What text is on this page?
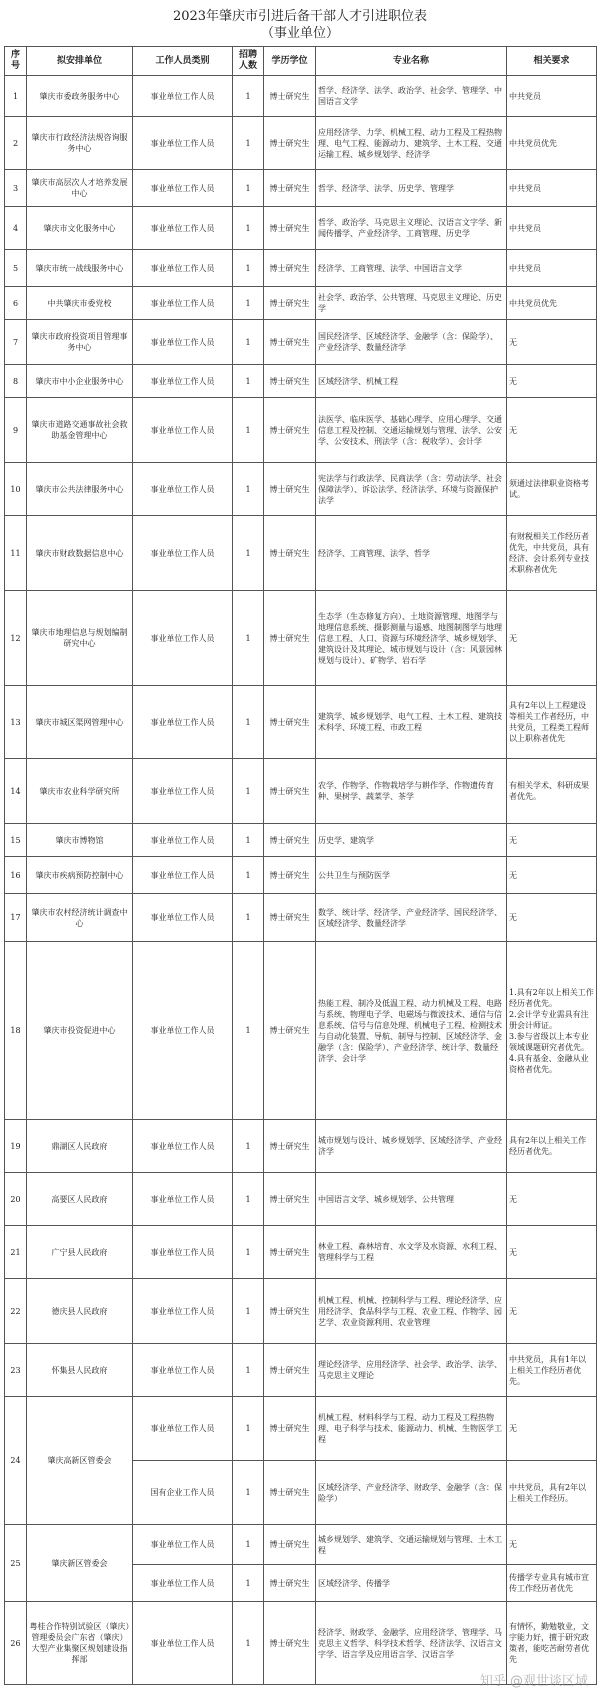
2023年肇庆市引进后备干部人才引进职位表
（事业单位）
序号	拟安排单位	工作人员类别	招聘人数	学历学位	专业名称	相关要求
1	肇庆市委政务服务中心	事业单位工作人员	1	博士研究生	哲学、经济学、法学、政治学、社会学、管理学、中国语言文学	中共党员
2	肇庆市行政经济法规咨询服务中心	事业单位工作人员	1	博士研究生	应用经济学、力学、机械工程、动力工程及工程热物理、电气工程、能源动力、建筑学、土木工程、交通运输工程、城乡规划学、经济学	中共党员优先
3	肇庆市高层次人才培养发展中心	事业单位工作人员	1	博士研究生	哲学、经济学、法学、历史学、管理学	中共党员
4	肇庆市文化服务中心	事业单位工作人员	1	博士研究生	哲学、政治学、马克思主义理论、汉语言文字学、新闻传播学、产业经济学、工商管理、历史学	中共党员
5	肇庆市统一战线服务中心	事业单位工作人员	1	博士研究生	经济学、工商管理、法学、中国语言文学	中共党员
6	中共肇庆市委党校	事业单位工作人员	1	博士研究生	社会学、政治学、公共管理、马克思主义理论、历史学	中共党员优先
7	肇庆市政府投资项目管理事务中心	事业单位工作人员	1	博士研究生	国民经济学、区域经济学、金融学（含：保险学）、产业经济学、数量经济学	无
8	肇庆市中小企业服务中心	事业单位工作人员	1	博士研究生	区域经济学、机械工程	无
9	肇庆市道路交通事故社会救助基金管理中心	事业单位工作人员	1	博士研究生	法医学、临床医学、基础心理学、应用心理学、交通信息工程及控制、交通运输规划与管理、法学、公安学、公安技术、刑法学（含：税收学）、会计学	无
10	肇庆市公共法律服务中心	事业单位工作人员	1	博士研究生	宪法学与行政法学、民商法学（含：劳动法学、社会保障法学）、诉讼法学、经济法学、环境与资源保护法学	须通过法律职业资格考试。
11	肇庆市财政数据信息中心	事业单位工作人员	1	博士研究生	经济学、工商管理、法学、哲学	有财税相关工作经历者优先，中共党员，具有经济、会计系列专业技术职称者优先
12	肇庆市地理信息与规划编制研究中心	事业单位工作人员	1	博士研究生	生态学（生态修复方向）、土地资源管理、地图学与地理信息系统、摄影测量与遥感、地图制图学与地理信息工程、人口、资源与环境经济学、城乡规划学、建筑设计及其理论、城市规划与设计（含：风景园林规划与设计）、矿物学、岩石学	无
13	肇庆市城区渠网管理中心	事业单位工作人员	1	博士研究生	建筑学、城乡规划学、电气工程、土木工程、建筑技术科学、环境工程、市政工程	具有2年以上工程建设等相关工作者经历，中共党员，工程类工程师以上职称者优先
14	肇庆市农业科学研究所	事业单位工作人员	1	博士研究生	农学、作物学、作物栽培学与耕作学、作物遗传育种、果树学、蔬菜学、茶学	有相关学术、科研成果者优先。
15	肇庆市博物馆	事业单位工作人员	1	博士研究生	历史学、建筑学	无
16	肇庆市疾病预防控制中心	事业单位工作人员	1	博士研究生	公共卫生与预防医学	无
17	肇庆市农村经济统计调查中心	事业单位工作人员	1	博士研究生	数学、统计学、经济学、产业经济学、国民经济学、区域经济学、数量经济学	无
18	肇庆市投资促进中心	事业单位工作人员	1	博士研究生	热能工程、制冷及低温工程、动力机械及工程、电路与系统、物理电子学、电磁场与微波技术、通信与信息系统、信号与信息处理、机械电子工程、检测技术与自动化装置、导航、制导与控制、区域经济学、金融学（含：保险学）、产业经济学、统计学、数量经济学、会计学	1.具有2年以上相关工作经历者优先。
2.会计学专业需具有注册会计师证。
3.参与省级以上本专业领域课题研究者优先。
4.具有基金、金融从业资格者优先。
19	鼎湖区人民政府	事业单位工作人员	1	博士研究生	城市规划与设计、城乡规划学、区域经济学、产业经济学	具有2年以上相关工作经历者优先。
20	高要区人民政府	事业单位工作人员	1	博士研究生	中国语言文学、城乡规划学、公共管理	无
21	广宁县人民政府	事业单位工作人员	1	博士研究生	林业工程、森林培育、水文学及水资源、水利工程、管理科学与工程	无
22	德庆县人民政府	事业单位工作人员	1	博士研究生	机械工程、机械、控制科学与工程、理论经济学、应用经济学、食品科学与工程、农业工程、作物学、园艺学、农业资源利用、农业管理	无
23	怀集县人民政府	事业单位工作人员	1	博士研究生	理论经济学、应用经济学、社会学、政治学、法学、马克思主义理论	中共党员，具有1年以上相关工作经历者优先。
24	肇庆高新区管委会	事业单位工作人员	1	博士研究生	机械工程、材料科学与工程、动力工程及工程热物理、电子科学与技术、能源动力、机械、生物医学工程	无
		国有企业工作人员	1	博士研究生	区域经济学、产业经济学、财政学、金融学（含：保险学）	中共党员，具有2年以上相关工作经历。
25	肇庆新区管委会	事业单位工作人员	1	博士研究生	城乡规划学、建筑学、交通运输规划与管理、土木工程	无
		事业单位工作人员	1	博士研究生	区域经济学、传播学	传播学专业具有城市宣传工作经历者优先
26	粤桂合作特别试验区（肇庆）管理委员会广东省（肇庆）大型产业集聚区规划建设指挥部	事业单位工作人员	1	博士研究生	经济学、财政学、金融学、应用经济学、管理学、马克思主义哲学、科学技术哲学、经济法学、汉语言文字学、语言学及应用语言学、汉语言学	有情怀，勤勉敬业，文字能力好，擅于研究政策者，能吃苦耐劳者优先
知乎 @观世谈区域
